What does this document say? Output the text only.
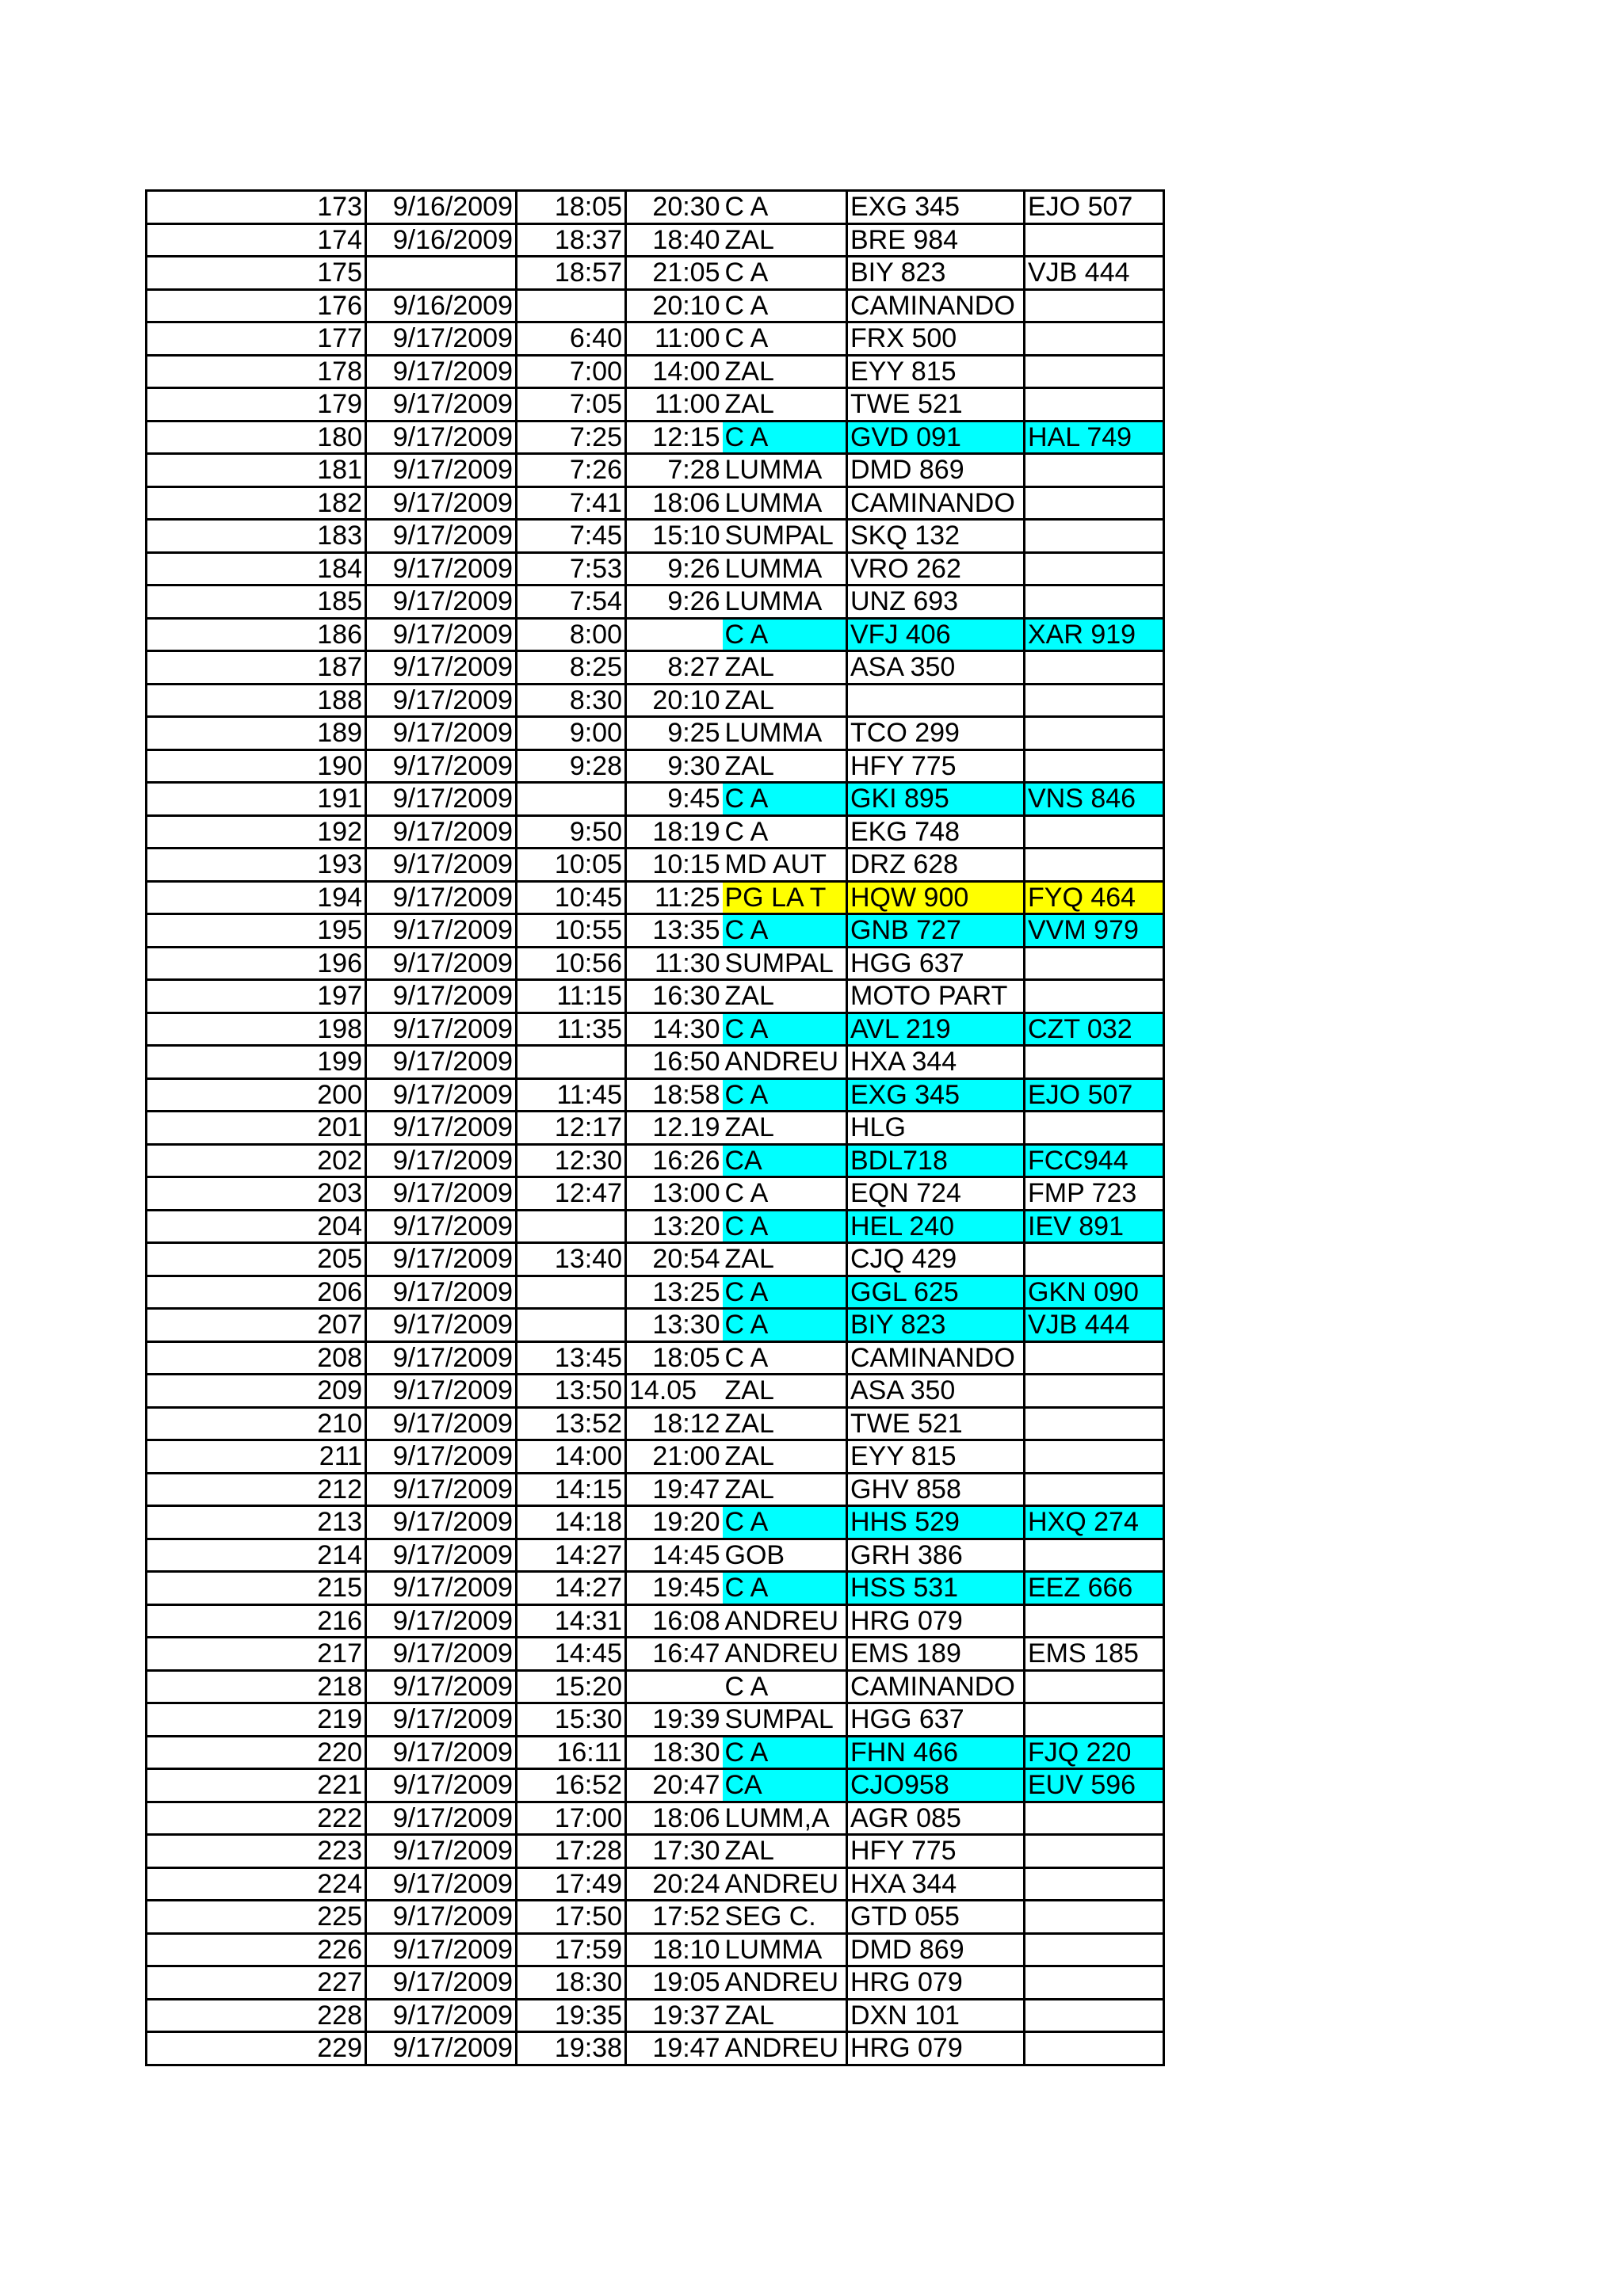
173	9/16/2009	18:05	20:30	C A	EXG 345	EJO 507
174	9/16/2009	18:37	18:40	ZAL	BRE 984	
175		18:57	21:05	C A	BIY 823	VJB 444
176	9/16/2009		20:10	C A	CAMINANDO	
177	9/17/2009	6:40	11:00	C A	FRX 500	
178	9/17/2009	7:00	14:00	ZAL	EYY 815	
179	9/17/2009	7:05	11:00	ZAL	TWE 521	
180	9/17/2009	7:25	12:15	C A	GVD 091	HAL 749
181	9/17/2009	7:26	7:28	LUMMA	DMD 869	
182	9/17/2009	7:41	18:06	LUMMA	CAMINANDO	
183	9/17/2009	7:45	15:10	SUMPAL	SKQ 132	
184	9/17/2009	7:53	9:26	LUMMA	VRO 262	
185	9/17/2009	7:54	9:26	LUMMA	UNZ 693	
186	9/17/2009	8:00		C A	VFJ 406	XAR 919
187	9/17/2009	8:25	8:27	ZAL	ASA 350	
188	9/17/2009	8:30	20:10	ZAL		
189	9/17/2009	9:00	9:25	LUMMA	TCO 299	
190	9/17/2009	9:28	9:30	ZAL	HFY 775	
191	9/17/2009		9:45	C A	GKI 895	VNS 846
192	9/17/2009	9:50	18:19	C A	EKG 748	
193	9/17/2009	10:05	10:15	MD AUT	DRZ 628	
194	9/17/2009	10:45	11:25	PG LA T	HQW 900	FYQ 464
195	9/17/2009	10:55	13:35	C A	GNB 727	VVM 979
196	9/17/2009	10:56	11:30	SUMPAL	HGG 637	
197	9/17/2009	11:15	16:30	ZAL	MOTO PART	
198	9/17/2009	11:35	14:30	C A	AVL 219	CZT 032
199	9/17/2009		16:50	ANDREU	HXA 344	
200	9/17/2009	11:45	18:58	C A	EXG 345	EJO 507
201	9/17/2009	12:17	12.19	ZAL	HLG	
202	9/17/2009	12:30	16:26	CA	BDL718	FCC944
203	9/17/2009	12:47	13:00	C A	EQN 724	FMP 723
204	9/17/2009		13:20	C A	HEL 240	IEV 891
205	9/17/2009	13:40	20:54	ZAL	CJQ 429	
206	9/17/2009		13:25	C A	GGL 625	GKN 090
207	9/17/2009		13:30	C A	BIY 823	VJB 444
208	9/17/2009	13:45	18:05	C A	CAMINANDO	
209	9/17/2009	13:50	14.05	ZAL	ASA 350	
210	9/17/2009	13:52	18:12	ZAL	TWE 521	
211	9/17/2009	14:00	21:00	ZAL	EYY 815	
212	9/17/2009	14:15	19:47	ZAL	GHV 858	
213	9/17/2009	14:18	19:20	C A	HHS 529	HXQ 274
214	9/17/2009	14:27	14:45	GOB	GRH 386	
215	9/17/2009	14:27	19:45	C A	HSS 531	EEZ 666
216	9/17/2009	14:31	16:08	ANDREU	HRG 079	
217	9/17/2009	14:45	16:47	ANDREU	EMS 189	EMS 185
218	9/17/2009	15:20		C A	CAMINANDO	
219	9/17/2009	15:30	19:39	SUMPAL	HGG 637	
220	9/17/2009	16:11	18:30	C A	FHN 466	FJQ 220
221	9/17/2009	16:52	20:47	CA	CJO958	EUV 596
222	9/17/2009	17:00	18:06	LUMM,A	AGR 085	
223	9/17/2009	17:28	17:30	ZAL	HFY 775	
224	9/17/2009	17:49	20:24	ANDREU	HXA 344	
225	9/17/2009	17:50	17:52	SEG C.	GTD 055	
226	9/17/2009	17:59	18:10	LUMMA	DMD 869	
227	9/17/2009	18:30	19:05	ANDREU	HRG 079	
228	9/17/2009	19:35	19:37	ZAL	DXN 101	
229	9/17/2009	19:38	19:47	ANDREU	HRG 079	
